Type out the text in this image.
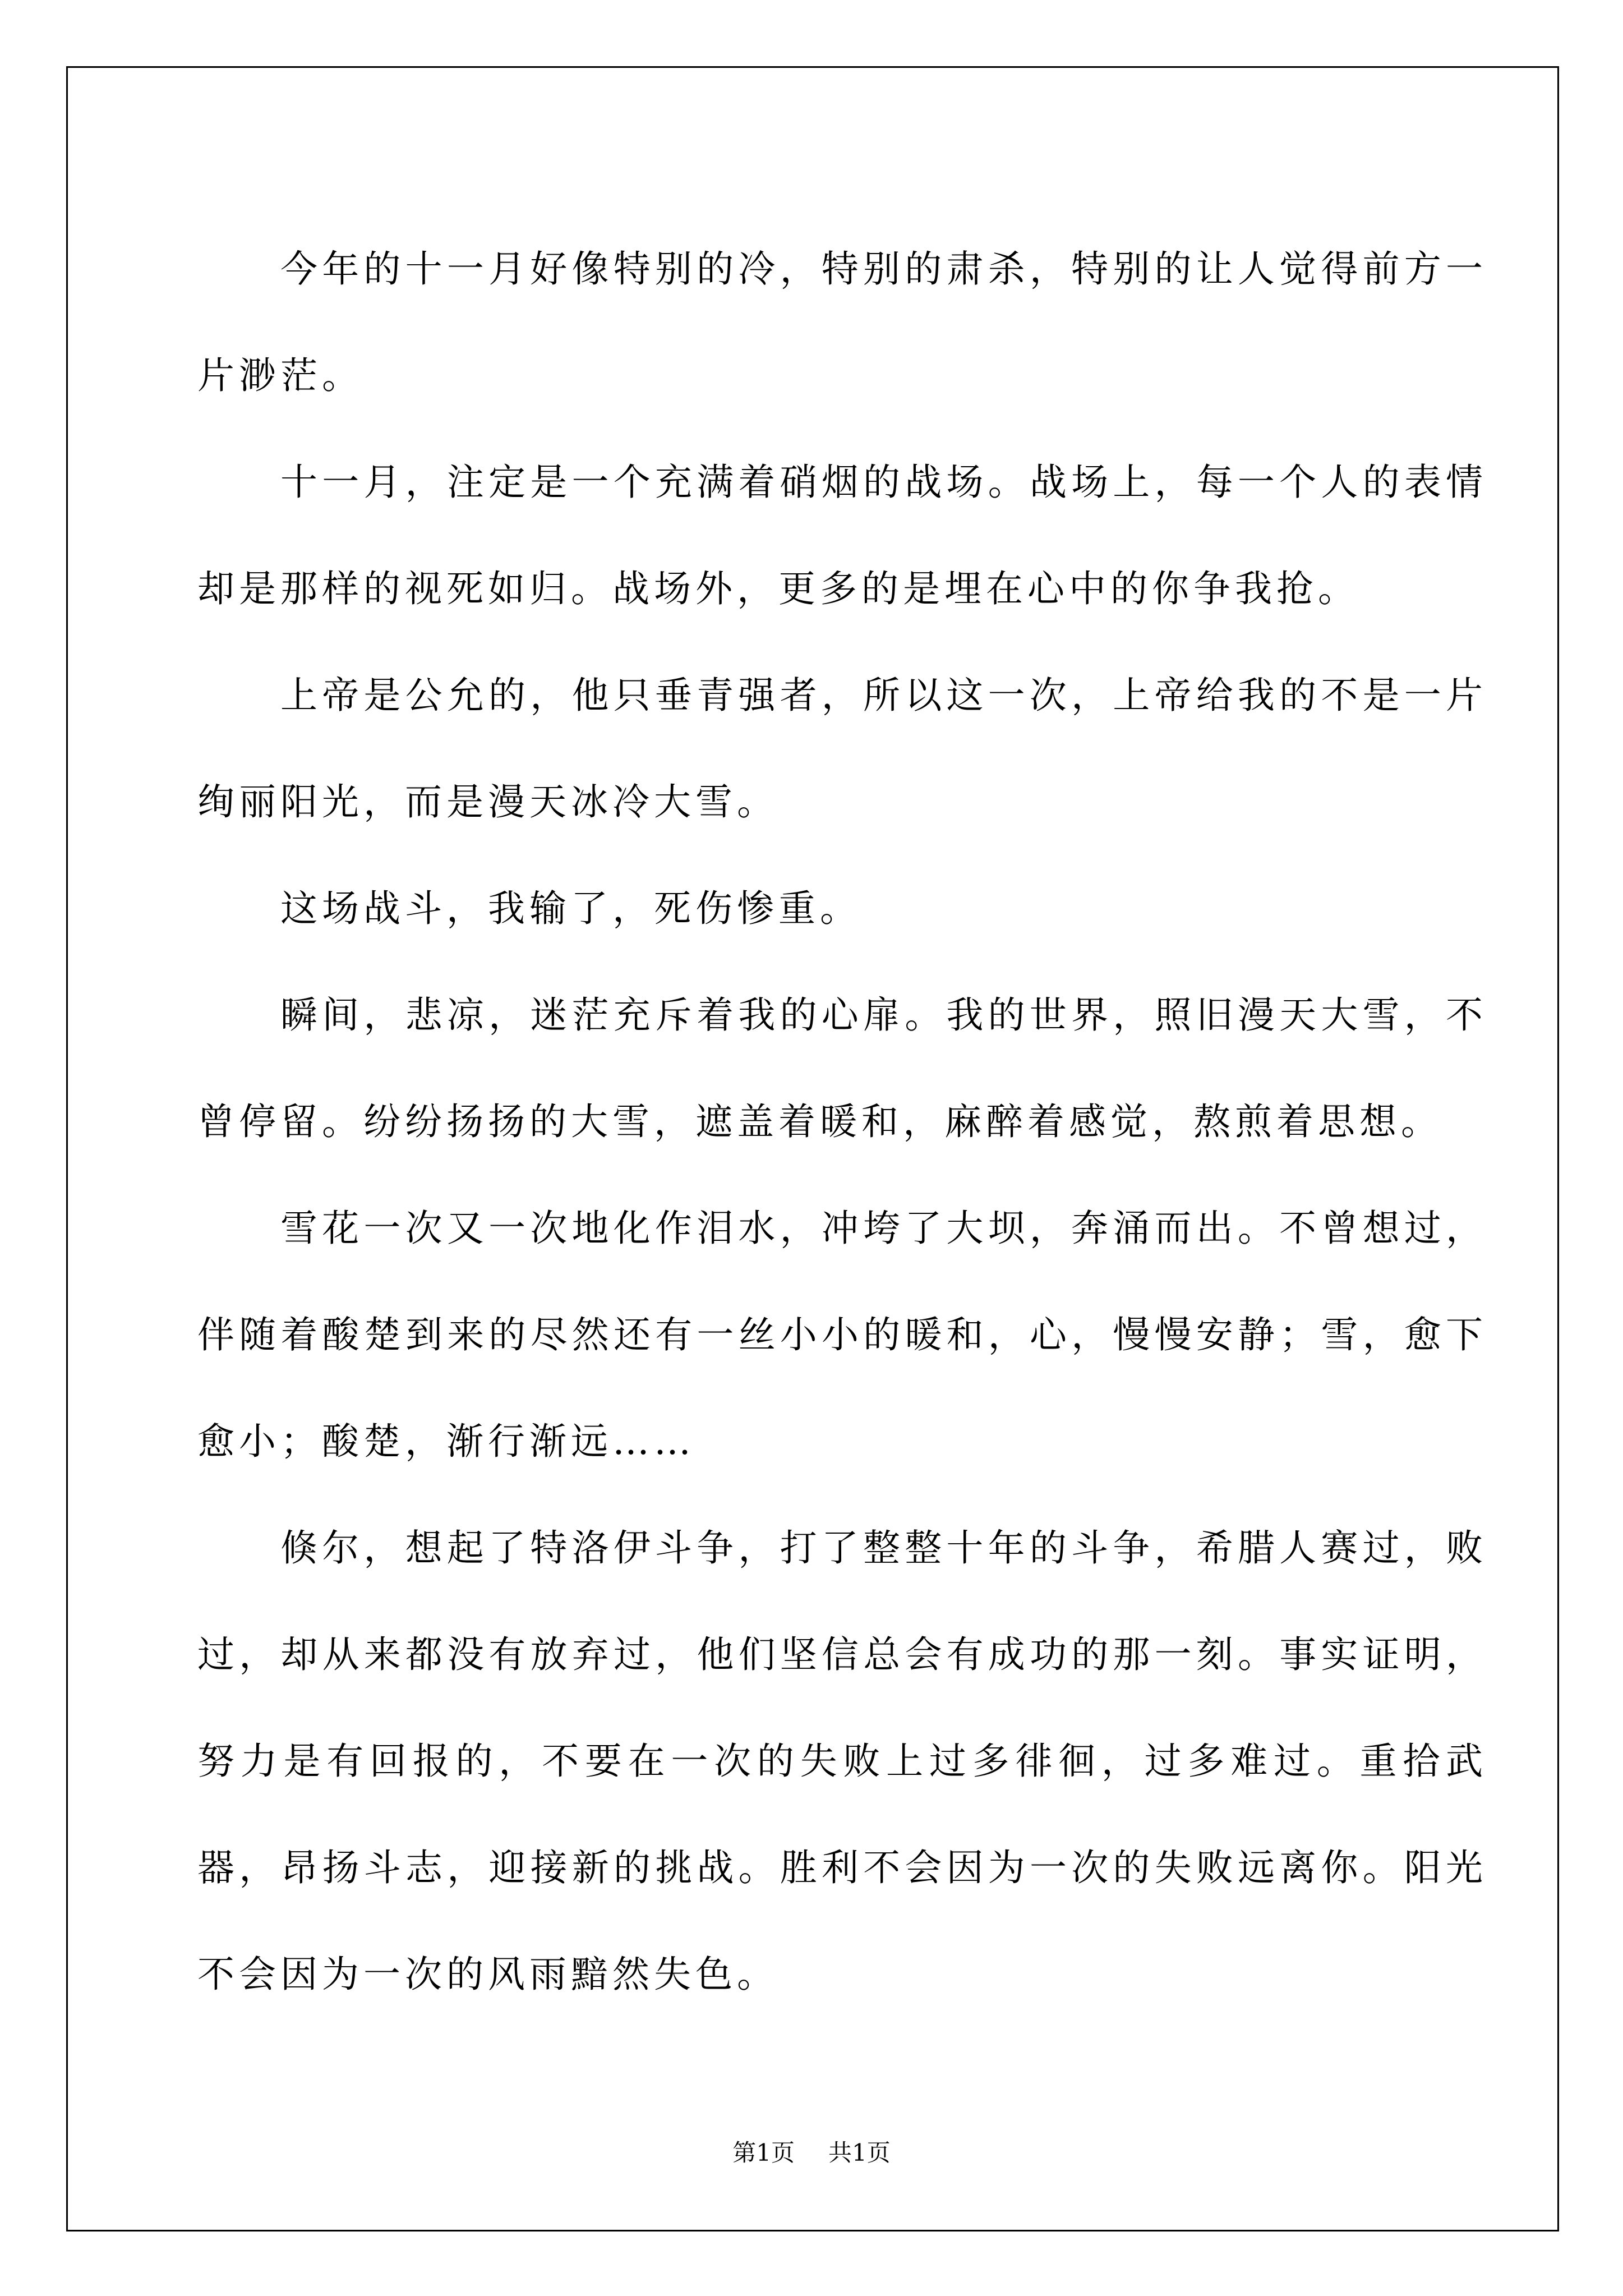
今年的十一月好像特别的冷，特别的肃杀，特别的让人觉得前方一片渺茫。

十一月，注定是一个充满着硝烟的战场。战场上，每一个人的表情却是那样的视死如归。战场外，更多的是埋在心中的你争我抢。

上帝是公允的，他只垂青强者，所以这一次，上帝给我的不是一片绚丽阳光，而是漫天冰冷大雪。

这场战斗，我输了，死伤惨重。

瞬间，悲凉，迷茫充斥着我的心扉。我的世界，照旧漫天大雪，不曾停留。纷纷扬扬的大雪，遮盖着暖和，麻醉着感觉，熬煎着思想。

雪花一次又一次地化作泪水，冲垮了大坝，奔涌而出。不曾想过，伴随着酸楚到来的尽然还有一丝小小的暖和，心，慢慢安静；雪，愈下愈小；酸楚，渐行渐远……

倏尔，想起了特洛伊斗争，打了整整十年的斗争，希腊人赛过，败过，却从来都没有放弃过，他们坚信总会有成功的那一刻。事实证明，努力是有回报的，不要在一次的失败上过多徘徊，过多难过。重拾武器，昂扬斗志，迎接新的挑战。胜利不会因为一次的失败远离你。阳光不会因为一次的风雨黯然失色。

第1页 共1页
